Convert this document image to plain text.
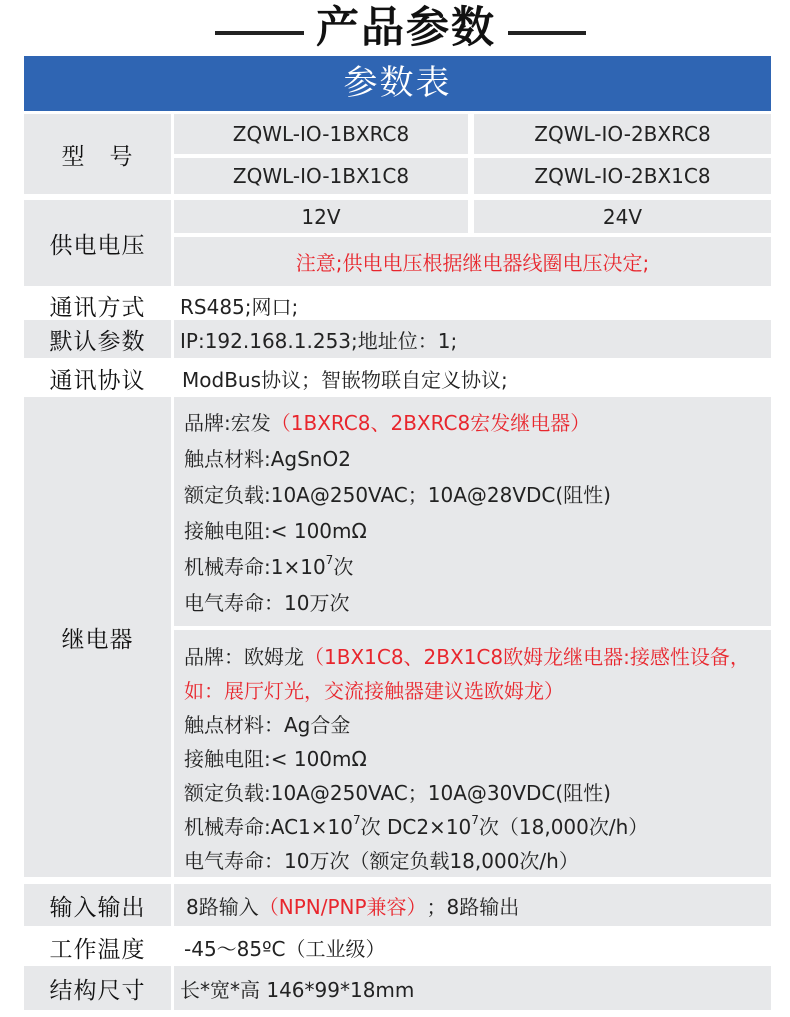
产品参数
参数表
型　号
ZQWL-IO-1BXRC8	ZQWL-IO-2BXRC8
ZQWL-IO-1BX1C8	ZQWL-IO-2BX1C8
供电电压
12V	24V
注意;供电电压根据继电器线圈电压决定;
通讯方式	RS485;网口;
默认参数	IP:192.168.1.253;地址位：1;
通讯协议	ModBus协议；智嵌物联自定义协议;
继电器
品牌:宏发（1BXRC8、2BXRC8宏发继电器）
触点材料:AgSnO2
额定负载:10A@250VAC；10A@28VDC(阻性)
接触电阻:< 100mΩ
机械寿命$:1\times 10^7$次
电气寿命：10万次
品牌：欧姆龙（1BX1C8、2BX1C8欧姆龙继电器:接感性设备，
如：展厅灯光，交流接触器建议选欧姆龙）
触点材料：Ag合金
接触电阻:< 100mΩ
额定负载:10A@250VAC；10A@30VDC(阻性)
机械寿命$:AC1\times 10^7$次 $DC2\times 10^7$次（18,000次/h）
电气寿命：10万次（额定负载18,000次/h）
输入输出	8路输入 （NPN/PNP兼容） ；8路输出
工作温度	-45～85ºC（工业级）
结构尺寸	长*宽*高 146*99*18mm
